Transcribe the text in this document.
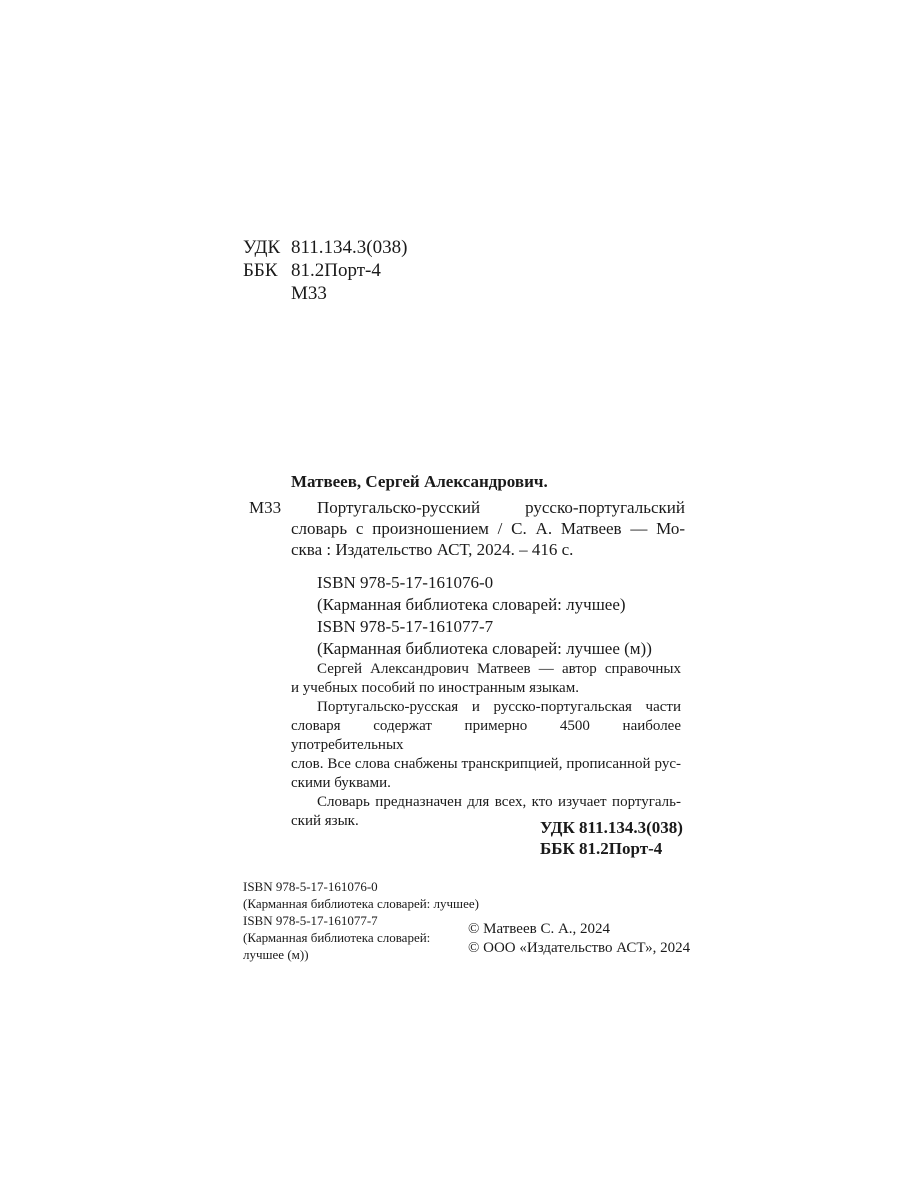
УДК 811.134.3(038)
ББК 81.2Порт-4
М33
Матвеев, Сергей Александрович.
М33	Португальско-русский русско-португальский
словарь с произношением / С. А. Матвеев — Мо-
сква : Издательство АСТ, 2024. – 416 с.
ISBN 978-5-17-161076-0
(Карманная библиотека словарей: лучшее)
ISBN 978-5-17-161077-7
(Карманная библиотека словарей: лучшее (м))
Сергей Александрович Матвеев — автор справочных
и учебных пособий по иностранным языкам.
Португальско-русская и русско-португальская части
словаря содержат примерно 4500 наиболее употребительных
слов. Все слова снабжены транскрипцией, прописанной рус-
скими буквами.
Словарь предназначен для всех, кто изучает португаль-
ский язык.	УДК 811.134.3(038)
ББК 81.2Порт-4
ISBN 978-5-17-161076-0
(Карманная библиотека словарей: лучшее)
ISBN 978-5-17-161077-7
(Карманная библиотека словарей:
лучшее (м))
© Матвеев С. А., 2024
© ООО «Издательство АСТ», 2024
